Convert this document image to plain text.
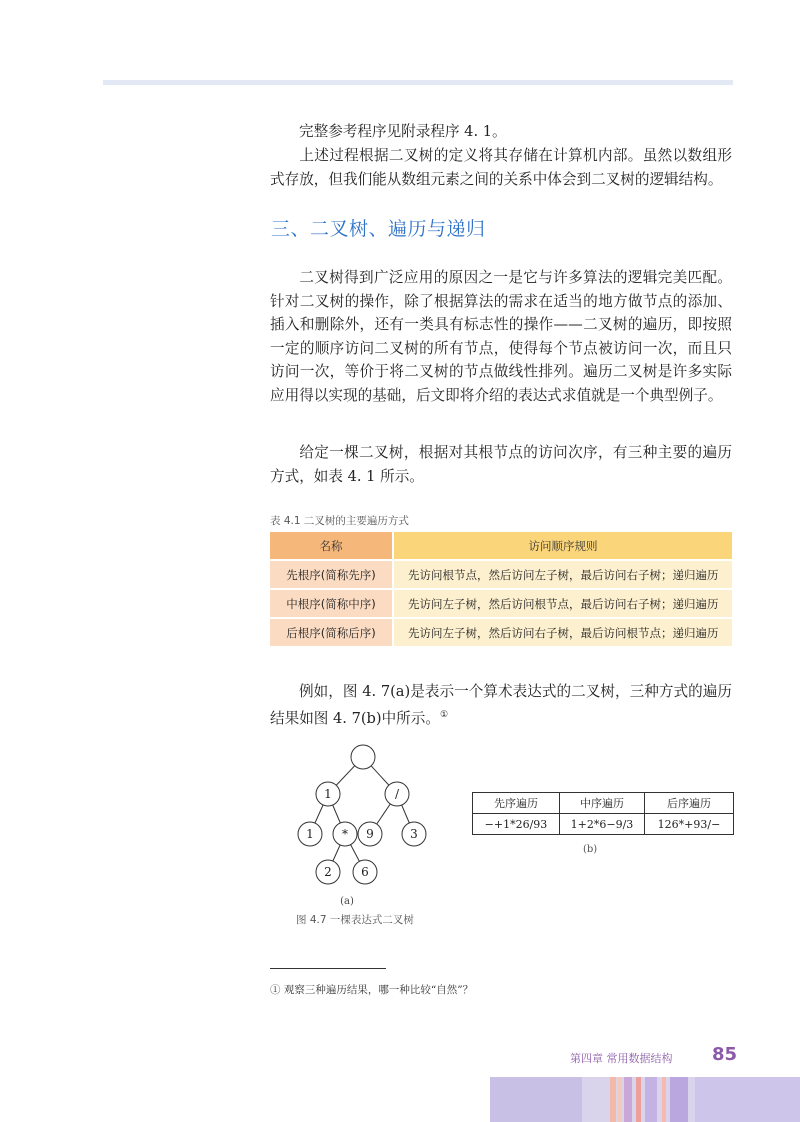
完整参考程序见附录程序 4. 1。

上述过程根据二叉树的定义将其存储在计算机内部。虽然以数组形式存放，但我们能从数组元素之间的关系中体会到二叉树的逻辑结构。

三、二叉树、遍历与递归

二叉树得到广泛应用的原因之一是它与许多算法的逻辑完美匹配。针对二叉树的操作，除了根据算法的需求在适当的地方做节点的添加、插入和删除外，还有一类具有标志性的操作——二叉树的遍历，即按照一定的顺序访问二叉树的所有节点，使得每个节点被访问一次，而且只访问一次，等价于将二叉树的节点做线性排列。遍历二叉树是许多实际应用得以实现的基础，后文即将介绍的表达式求值就是一个典型例子。

给定一棵二叉树，根据对其根节点的访问次序，有三种主要的遍历方式，如表 4. 1 所示。

表 4.1 二叉树的主要遍历方式
名称	访问顺序规则
先根序(简称先序)	先访问根节点，然后访问左子树，最后访问右子树；递归遍历
中根序(简称中序)	先访问左子树，然后访问根节点，最后访问右子树；递归遍历
后根序(简称后序)	先访问左子树，然后访问右子树，最后访问根节点；递归遍历

例如，图 4. 7(a)是表示一个算术表达式的二叉树，三种方式的遍历结果如图 4. 7(b)中所示。①

1	/
1 * 9	3
2 6
(a)
先序遍历	中序遍历	后序遍历
−+1*26/93	1+2*6−9/3	126*+93/−
(b)
图 4.7 一棵表达式二叉树
① 观察三种遍历结果，哪一种比较“自然”？
第四章 常用数据结构 85
